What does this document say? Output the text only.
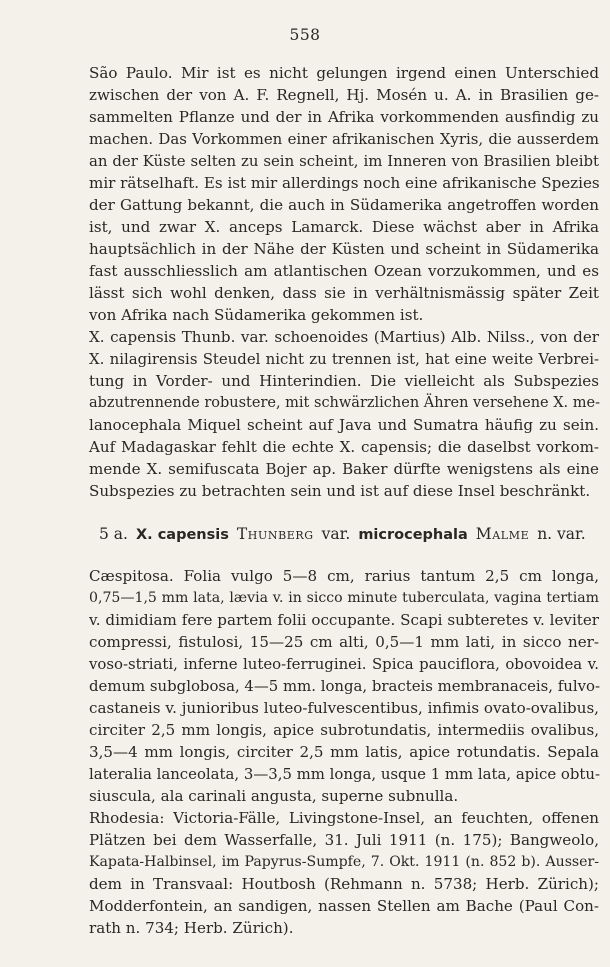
558
São Paulo. Mir ist es nicht gelungen irgend einen Unterschied
zwischen der von A. F. Regnell, Hj. Mosén u. A. in Brasilien ge-
sammelten Pflanze und der in Afrika vorkommenden ausfindig zu
machen. Das Vorkommen einer afrikanischen Xyris, die ausserdem
an der Küste selten zu sein scheint, im Inneren von Brasilien bleibt
mir rätselhaft. Es ist mir allerdings noch eine afrikanische Spezies
der Gattung bekannt, die auch in Südamerika angetroffen worden
ist, und zwar X. anceps Lamarck. Diese wächst aber in Afrika
hauptsächlich in der Nähe der Küsten und scheint in Südamerika
fast ausschliesslich am atlantischen Ozean vorzukommen, und es
lässt sich wohl denken, dass sie in verhältnismässig später Zeit
von Afrika nach Südamerika gekommen ist.
X. capensis Thunb. var. schoenoides (Martius) Alb. Nilss., von der
X. nilagirensis Steudel nicht zu trennen ist, hat eine weite Verbrei-
tung in Vorder- und Hinterindien. Die vielleicht als Subspezies
abzutrennende robustere, mit schwärzlichen Ähren versehene X. me-
lanocephala Miquel scheint auf Java und Sumatra häufig zu sein.
Auf Madagaskar fehlt die echte X. capensis; die daselbst vorkom-
mende X. semifuscata Bojer ap. Baker dürfte wenigstens als eine
Subspezies zu betrachten sein und ist auf diese Insel beschränkt.
5 a. X. capensis Thunberg var. microcephala Malme n. var.
Cæspitosa. Folia vulgo 5—8 cm, rarius tantum 2,5 cm longa,
0,75—1,5 mm lata, lævia v. in sicco minute tuberculata, vagina tertiam
v. dimidiam fere partem folii occupante. Scapi subteretes v. leviter
compressi, fistulosi, 15—25 cm alti, 0,5—1 mm lati, in sicco ner-
voso-striati, inferne luteo-ferruginei. Spica pauciflora, obovoidea v.
demum subglobosa, 4—5 mm. longa, bracteis membranaceis, fulvo-
castaneis v. junioribus luteo-fulvescentibus, infimis ovato-ovalibus,
circiter 2,5 mm longis, apice subrotundatis, intermediis ovalibus,
3,5—4 mm longis, circiter 2,5 mm latis, apice rotundatis. Sepala
lateralia lanceolata, 3—3,5 mm longa, usque 1 mm lata, apice obtu-
siuscula, ala carinali angusta, superne subnulla.
Rhodesia: Victoria-Fälle, Livingstone-Insel, an feuchten, offenen
Plätzen bei dem Wasserfalle, 31. Juli 1911 (n. 175); Bangweolo,
Kapata-Halbinsel, im Papyrus-Sumpfe, 7. Okt. 1911 (n. 852 b). Ausser-
dem in Transvaal: Houtbosh (Rehmann n. 5738; Herb. Zürich);
Modderfontein, an sandigen, nassen Stellen am Bache (Paul Con-
rath n. 734; Herb. Zürich).
